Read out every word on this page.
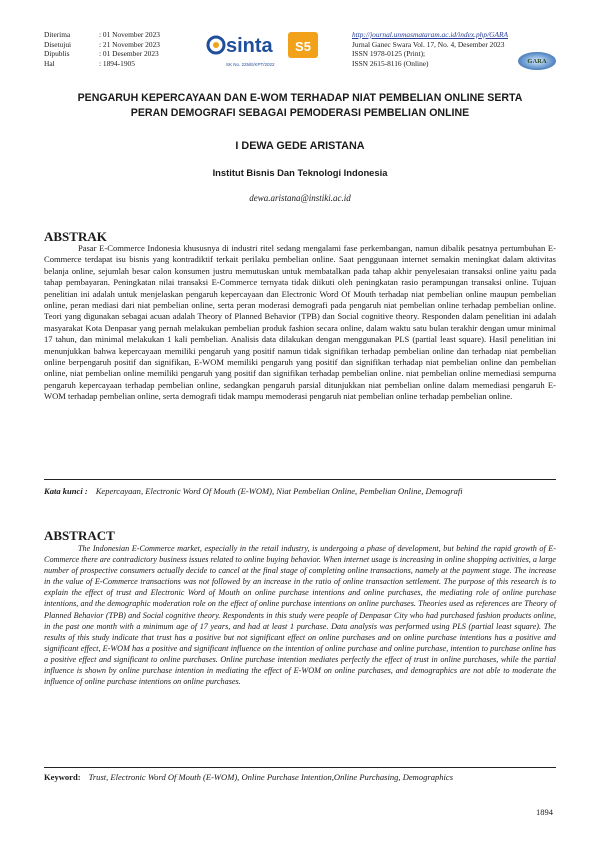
Diterima	: 01 November 2023
Disetujui	: 21 November 2023
Dipublis	: 01 Desember 2023
Hal	: 1894-1905
sinta S5
SK No. 225/E/KPT/2022
http://journal.unmasmataram.ac.id/index.php/GARA
Jurnal Ganec Swara Vol. 17, No. 4, Desember 2023
ISSN 1978-0125 (Print);
ISSN 2615-8116 (Online)	GARA
PENGARUH KEPERCAYAAN DAN E-WOM TERHADAP NIAT PEMBELIAN ONLINE SERTA
PERAN DEMOGRAFI SEBAGAI PEMODERASI PEMBELIAN ONLINE
I DEWA GEDE ARISTANA
Institut Bisnis Dan Teknologi Indonesia
dewa.aristana@instiki.ac.id
ABSTRAK
Pasar E-Commerce Indonesia khususnya di industri ritel sedang mengalami fase perkembangan, namun dibalik pesatnya pertumbuhan E-Commerce terdapat isu bisnis yang kontradiktif terkait perilaku pembelian online. Saat penggunaan internet semakin meningkat dalam aktivitas belanja online, sejumlah besar calon konsumen justru memutuskan untuk membatalkan pada tahap akhir penyelesaian transaksi online yaitu pada tahap pembayaran. Peningkatan nilai transaksi E-Commerce ternyata tidak diikuti oleh peningkatan rasio perampungan transaksi online. Tujuan penelitian ini adalah untuk menjelaskan pengaruh kepercayaan dan Electronic Word Of Mouth terhadap niat pembelian online maupun pembelian online, peran mediasi dari niat pembelian online, serta peran moderasi demografi pada pengaruh niat pembelian online terhadap pembelian online. Teori yang digunakan sebagai acuan adalah Theory of Planned Behavior (TPB) dan Social cognitive theory. Responden dalam penelitian ini adalah masyarakat Kota Denpasar yang pernah melakukan pembelian produk fashion secara online, dalam waktu satu bulan terakhir dengan umur minimal 17 tahun, dan minimal melakukan 1 kali pembelian. Analisis data dilakukan dengan menggunakan PLS (partial least square). Hasil penelitian ini menunjukkan bahwa kepercayaan memiliki pengaruh yang positif namun tidak signifikan terhadap pembelian online dan terhadap niat pembelian online berpengaruh positif dan signifikan, E-WOM memiliki pengaruh yang positif dan signifikan terhadap niat pembelian online dan pembelian online, niat pembelian online memiliki pengaruh yang positif dan signifikan terhadap pembelian online. niat pembelian online memediasi sempurna pengaruh kepercayaan terhadap pembelian online, sedangkan pengaruh parsial ditunjukkan niat pembelian online dalam memediasi pengaruh E-WOM terhadap pembelian online, serta demografi tidak mampu memoderasi pengaruh niat pembelian online terhadap pembelian online.
Kata kunci : Kepercayaan, Electronic Word Of Mouth (E-WOM), Niat Pembelian Online, Pembelian Online, Demografi
ABSTRACT
The Indonesian E-Commerce market, especially in the retail industry, is undergoing a phase of development, but behind the rapid growth of E-Commerce there are contradictory business issues related to online buying behavior. When internet usage is increasing in online shopping activities, a large number of prospective consumers actually decide to cancel at the final stage of completing online transactions, namely at the payment stage. The increase in the value of E-Commerce transactions was not followed by an increase in the ratio of online transaction settlement. The purpose of this research is to explain the effect of trust and Electronic Word of Mouth on online purchase intentions and online purchases, the mediating role of online purchase intentions, and the demographic moderation role on the effect of online purchase intentions on online purchases. Theories used as references are Theory of Planned Behavior (TPB) and Social cognitive theory. Respondents in this study were people of Denpasar City who had purchased fashion products online, in the past one month with a minimum age of 17 years, and had at least 1 purchase. Data analysis was performed using PLS (partial least square). The results of this study indicate that trust has a positive but not significant effect on online purchases and on online purchase intentions has a positive and significant effect, E-WOM has a positive and significant influence on the intention of online purchase and online purchase, intention to purchase online has a positive effect and significant to online purchases. Online purchase intention mediates perfectly the effect of trust in online purchases, while the partial influence is shown by online purchase intention in mediating the effect of E-WOM on online purchases, and demographics are not able to moderate the influence of online purchase intentions on online purchases.
Keyword: Trust, Electronic Word Of Mouth (E-WOM), Online Purchase Intention,Online Purchasing, Demographics
1894
